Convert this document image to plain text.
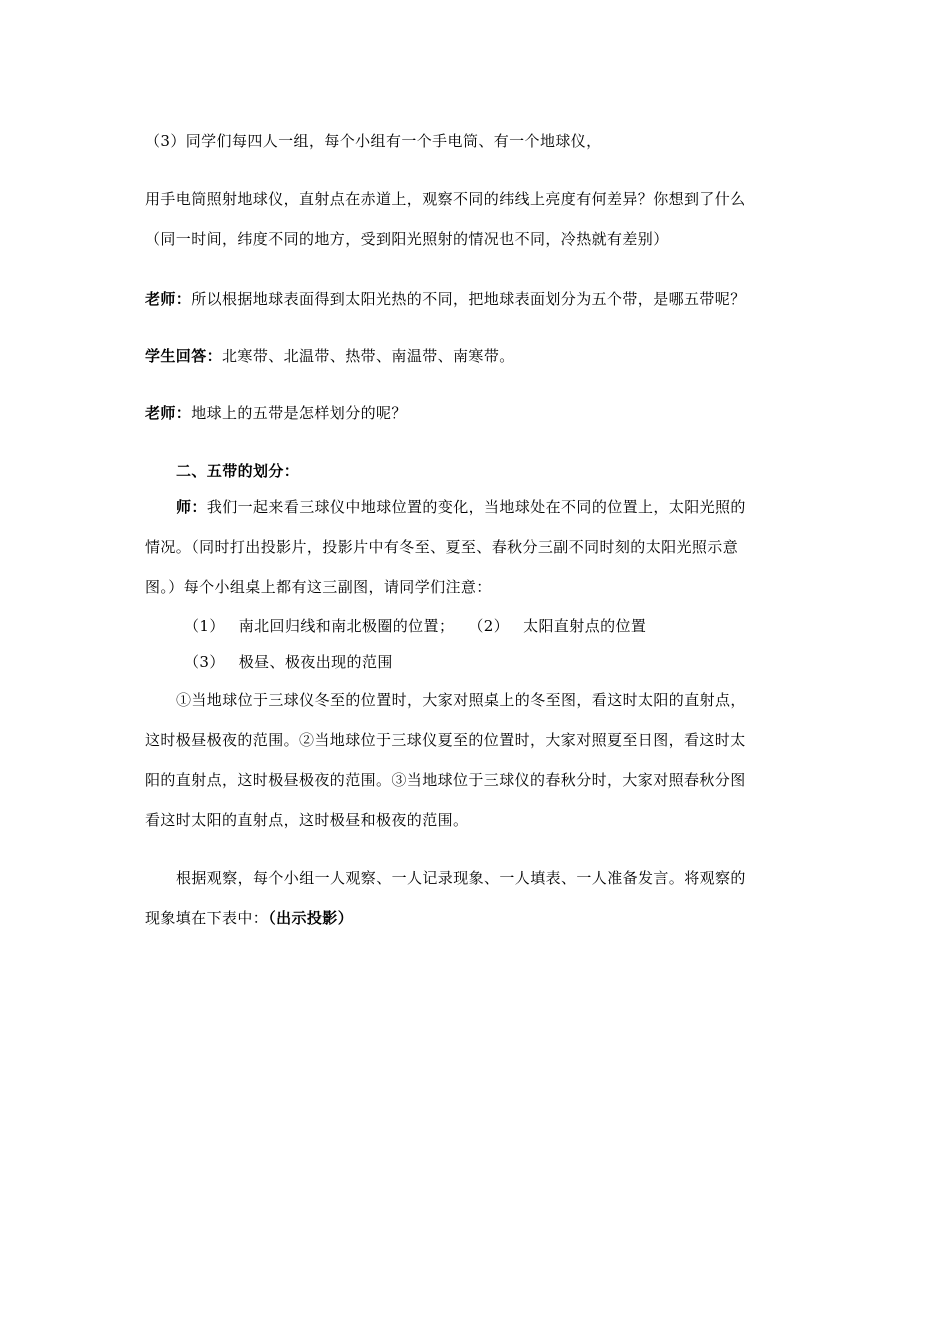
（3）同学们每四人一组，每个小组有一个手电筒、有一个地球仪，
用手电筒照射地球仪，直射点在赤道上，观察不同的纬线上亮度有何差异？你想到了什么
（同一时间，纬度不同的地方，受到阳光照射的情况也不同，冷热就有差别）
老师：所以根据地球表面得到太阳光热的不同，把地球表面划分为五个带，是哪五带呢？
学生回答：北寒带、北温带、热带、南温带、南寒带。
老师：地球上的五带是怎样划分的呢？
二、五带的划分：
师：我们一起来看三球仪中地球位置的变化，当地球处在不同的位置上，太阳光照的
情况。（同时打出投影片，投影片中有冬至、夏至、春秋分三副不同时刻的太阳光照示意
图。）每个小组桌上都有这三副图，请同学们注意：
（1） 南北回归线和南北极圈的位置； （2） 太阳直射点的位置
（3） 极昼、极夜出现的范围
①当地球位于三球仪冬至的位置时，大家对照桌上的冬至图，看这时太阳的直射点，
这时极昼极夜的范围。②当地球位于三球仪夏至的位置时，大家对照夏至日图，看这时太
阳的直射点，这时极昼极夜的范围。③当地球位于三球仪的春秋分时，大家对照春秋分图
看这时太阳的直射点，这时极昼和极夜的范围。
根据观察，每个小组一人观察、一人记录现象、一人填表、一人准备发言。将观察的
现象填在下表中：（出示投影）
